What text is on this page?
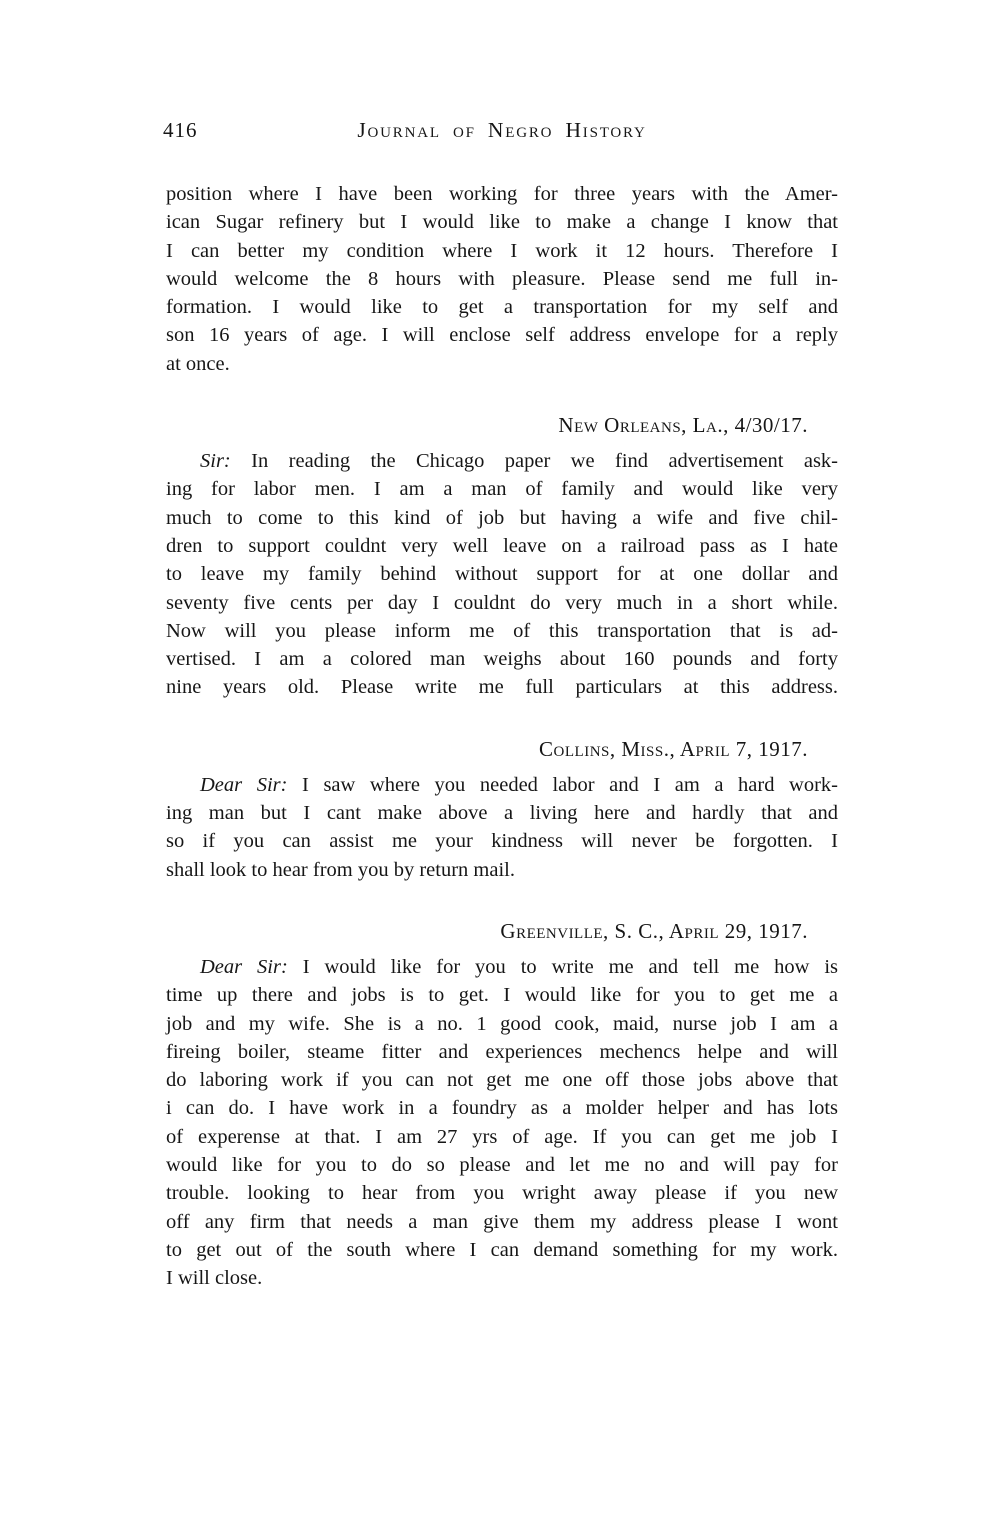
416	Journal of Negro History
position where I have been working for three years with the Amer-
ican Sugar refinery but I would like to make a change I know that
I can better my condition where I work it 12 hours. Therefore I
would welcome the 8 hours with pleasure. Please send me full in-
formation. I would like to get a transportation for my self and
son 16 years of age. I will enclose self address envelope for a reply
at once.
New Orleans, La., 4/30/17.
Sir: In reading the Chicago paper we find advertisement ask-
ing for labor men. I am a man of family and would like very
much to come to this kind of job but having a wife and five chil-
dren to support couldnt very well leave on a railroad pass as I hate
to leave my family behind without support for at one dollar and
seventy five cents per day I couldnt do very much in a short while.
Now will you please inform me of this transportation that is ad-
vertised. I am a colored man weighs about 160 pounds and forty
nine years old. Please write me full particulars at this address.
Collins, Miss., April 7, 1917.
Dear Sir: I saw where you needed labor and I am a hard work-
ing man but I cant make above a living here and hardly that and
so if you can assist me your kindness will never be forgotten. I
shall look to hear from you by return mail.
Greenville, S. C., April 29, 1917.
Dear Sir: I would like for you to write me and tell me how is
time up there and jobs is to get. I would like for you to get me a
job and my wife. She is a no. 1 good cook, maid, nurse job I am a
fireing boiler, steame fitter and experiences mechencs helpe and will
do laboring work if you can not get me one off those jobs above that
i can do. I have work in a foundry as a molder helper and has lots
of experense at that. I am 27 yrs of age. If you can get me job I
would like for you to do so please and let me no and will pay for
trouble. looking to hear from you wright away please if you new
off any firm that needs a man give them my address please I wont
to get out of the south where I can demand something for my work.
I will close.
